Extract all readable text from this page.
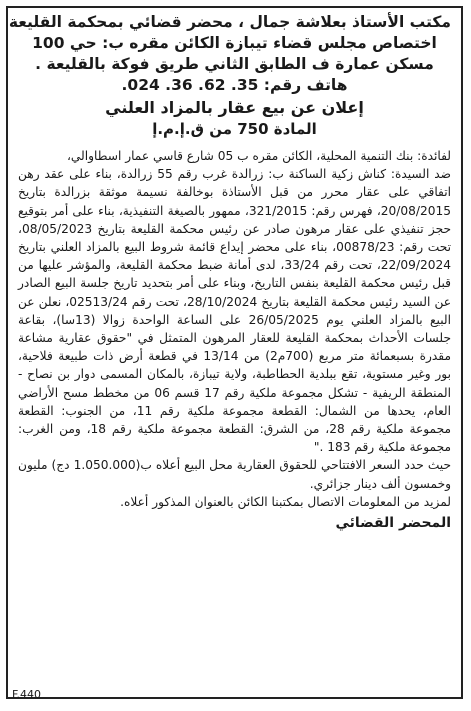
مكتب الأستاذ بعلاشة جمال ، محضر قضائي بمحكمة القليعة
اختصاص مجلس قضاء تيبازة الكائن مقره ب: حي 100
مسكن عمارة ف الطابق الثاني طريق فوكة بالقليعة .
هاتف رقم: 35. 62. 36. 024.
إعلان عن بيع عقار بالمزاد العلني
المادة 750 من ق.إ.م.إ

لفائدة: بنك التنمية المحلية، الكائن مقره ب 05 شارع قاسي عمار اسطاوالي،

ضد السيدة: كناش زكية الساكنة ب: زرالدة غرب رقم 55 زرالدة، بناء على عقد رهن اتفاقي على عقار محرر من قبل الأستاذة بوخالفة نسيمة موثقة بزرالدة بتاريخ 20/08/2015، فهرس رقم: 321/2015، ممهور بالصيغة التنفيذية، بناء على أمر بتوقيع حجز تنفيذي على عقار مرهون صادر عن رئيس محكمة القليعة بتاريخ 08/05/2023، تحت رقم: 00878/23، بناء على محضر إيداع قائمة شروط البيع بالمزاد العلني بتاريخ 22/09/2024، تحت رقم 33/24، لدى أمانة ضبط محكمة القليعة، والمؤشر عليها من قبل رئيس محكمة القليعة بنفس التاريخ، وبناء على أمر بتحديد تاريخ جلسة البيع الصادر عن السيد رئيس محكمة القليعة بتاريخ 28/10/2024، تحت رقم 02513/24، نعلن عن البيع بالمزاد العلني يوم 26/05/2025 على الساعة الواحدة زوالا (13سا)، بقاعة جلسات الأحداث بمحكمة القليعة للعقار المرهون المتمثل في "حقوق عقارية مشاعة مقدرة بسبعمائة متر مربع (700م2) من 13/14 في قطعة أرض ذات طبيعة فلاحية، بور وغير مستوية، تقع ببلدية الحطاطبة، ولاية تيبازة، بالمكان المسمى دوار بن نصاح - المنطقة الريفية - تشكل مجموعة ملكية رقم 17 قسم 06 من مخطط مسح الأراضي العام، يحدها من الشمال: القطعة مجموعة ملكية رقم 11، من الجنوب: القطعة مجموعة ملكية رقم 28، من الشرق: القطعة مجموعة ملكية رقم 18، ومن الغرب: مجموعة ملكية رقم 183 ."

حيث حدد السعر الافتتاحي للحقوق العقارية محل البيع أعلاه ب(1.050.000 دج) مليون وخمسون ألف دينار جزائري.

لمزيد من المعلومات الاتصال بمكتبنا الكائن بالعنوان المذكور أعلاه.

المحضر القضائي
F.440
